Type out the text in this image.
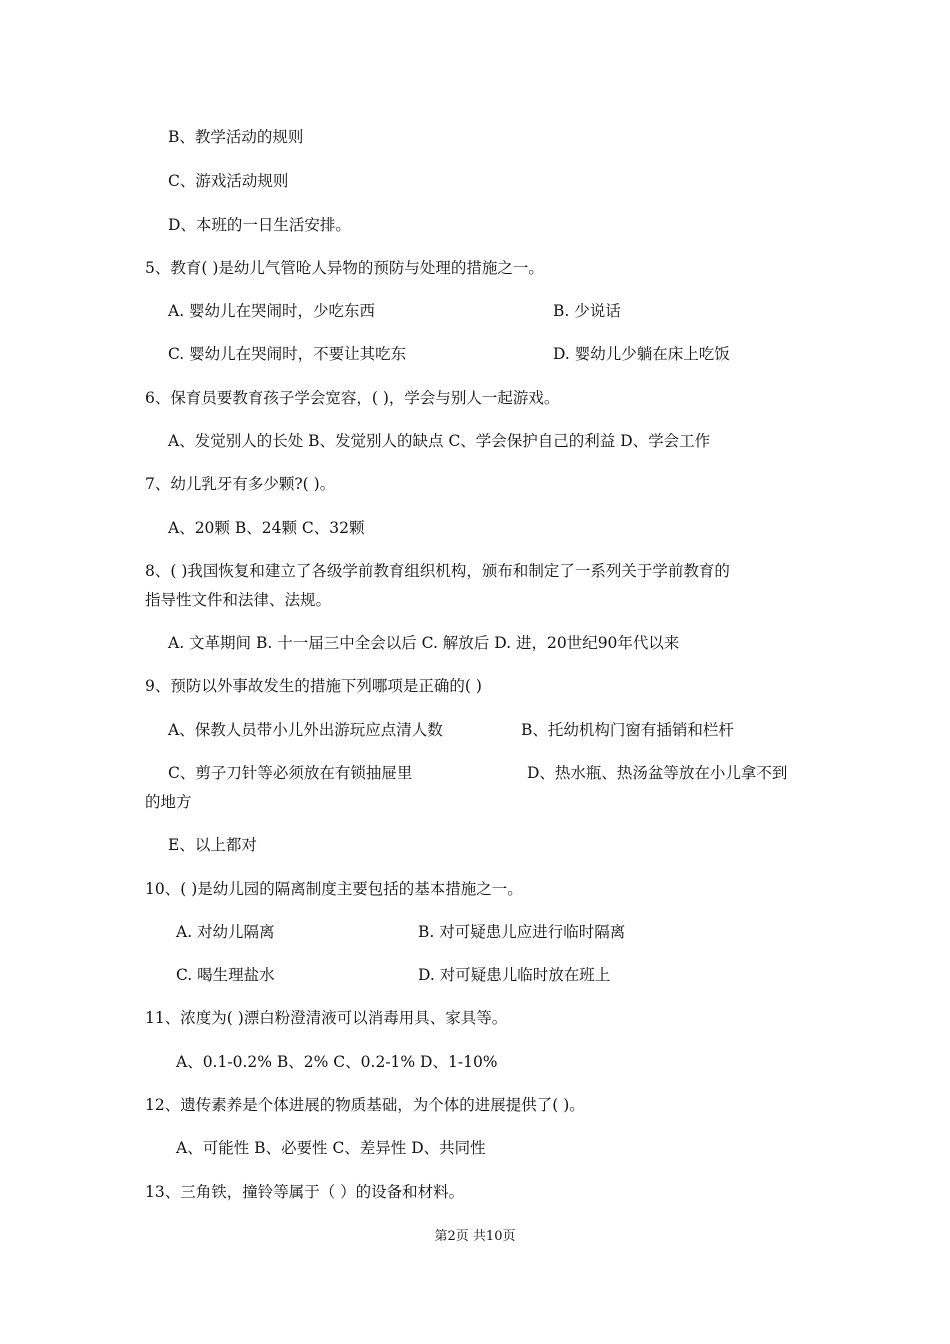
B、教学活动的规则
C、游戏活动规则
D、本班的一日生活安排。
5、教育( )是幼儿气管呛人异物的预防与处理的措施之一。
A. 婴幼儿在哭闹时，少吃东西	B. 少说话
C. 婴幼儿在哭闹时，不要让其吃东	D. 婴幼儿少躺在床上吃饭
6、保育员要教育孩子学会宽容，( )，学会与别人一起游戏。
A、发觉别人的长处 B、发觉别人的缺点 C、学会保护自己的利益 D、学会工作
7、幼儿乳牙有多少颗?( )。
A、20颗 B、24颗 C、32颗
8、( )我国恢复和建立了各级学前教育组织机构，颁布和制定了一系列关于学前教育的
指导性文件和法律、法规。
A. 文革期间 B. 十一届三中全会以后 C. 解放后 D. 进，20世纪90年代以来
9、预防以外事故发生的措施下列哪项是正确的( )
A、保教人员带小儿外出游玩应点清人数	B、托幼机构门窗有插销和栏杆
C、剪子刀针等必须放在有锁抽屉里	D、热水瓶、热汤盆等放在小儿拿不到
的地方
E、以上都对
10、( )是幼儿园的隔离制度主要包括的基本措施之一。
A. 对幼儿隔离	B. 对可疑患儿应进行临时隔离
C. 喝生理盐水	D. 对可疑患儿临时放在班上
11、浓度为( )漂白粉澄清液可以消毒用具、家具等。
A、0.1-0.2% B、2% C、0.2-1% D、1-10%
12、遗传素养是个体进展的物质基础，为个体的进展提供了( )。
A、可能性 B、必要性 C、差异性 D、共同性
13、三角铁，撞铃等属于（ ）的设备和材料。
第2页 共10页
